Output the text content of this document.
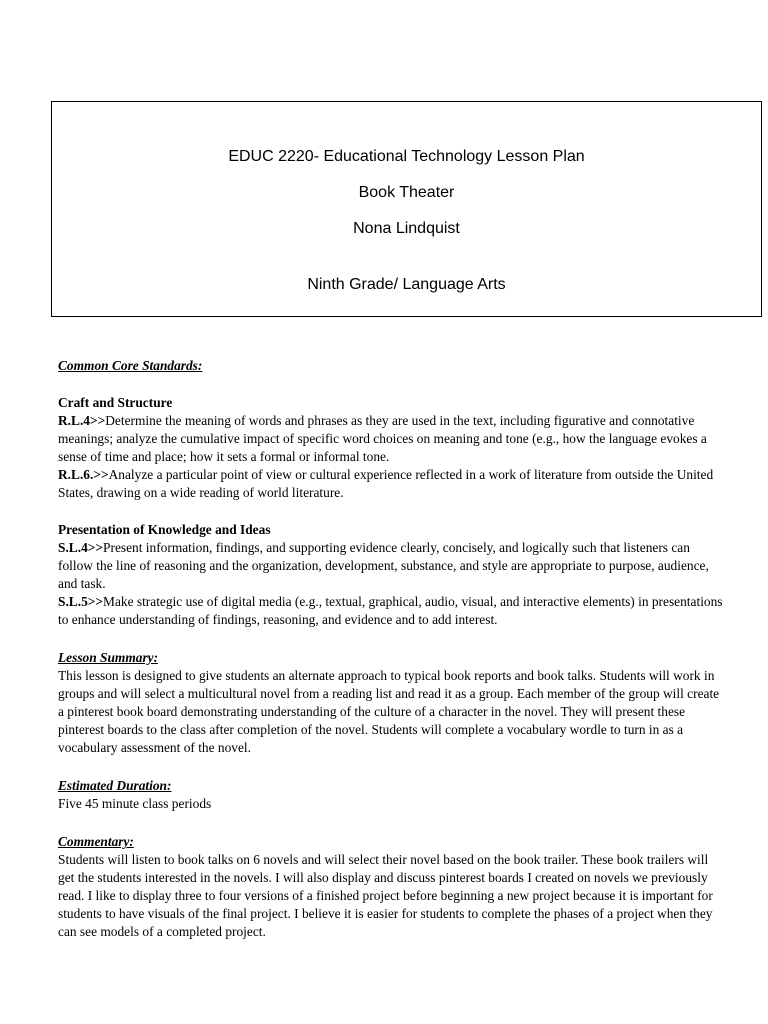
EDUC 2220- Educational Technology Lesson Plan
Book Theater
Nona Lindquist
Ninth Grade/ Language Arts

Common Core Standards:

Craft and Structure

R.L.4>>Determine the meaning of words and phrases as they are used in the text, including figurative and connotative meanings; analyze the cumulative impact of specific word choices on meaning and tone (e.g., how the language evokes a sense of time and place; how it sets a formal or informal tone.

R.L.6.>>Analyze a particular point of view or cultural experience reflected in a work of literature from outside the United States, drawing on a wide reading of world literature.

Presentation of Knowledge and Ideas

S.L.4>>Present information, findings, and supporting evidence clearly, concisely, and logically such that listeners can follow the line of reasoning and the organization, development, substance, and style are appropriate to purpose, audience, and task.

S.L.5>>Make strategic use of digital media (e.g., textual, graphical, audio, visual, and interactive elements) in presentations to enhance understanding of findings, reasoning, and evidence and to add interest.

Lesson Summary:

This lesson is designed to give students an alternate approach to typical book reports and book talks. Students will work in groups and will select a multicultural novel from a reading list and read it as a group. Each member of the group will create a pinterest book board demonstrating understanding of the culture of a character in the novel. They will present these pinterest boards to the class after completion of the novel. Students will complete a vocabulary wordle to turn in as a vocabulary assessment of the novel.

Estimated Duration:

Five 45 minute class periods

Commentary:

Students will listen to book talks on 6 novels and will select their novel based on the book trailer. These book trailers will get the students interested in the novels. I will also display and discuss pinterest boards I created on novels we previously read. I like to display three to four versions of a finished project before beginning a new project because it is important for students to have visuals of the final project. I believe it is easier for students to complete the phases of a project when they can see models of a completed project.
